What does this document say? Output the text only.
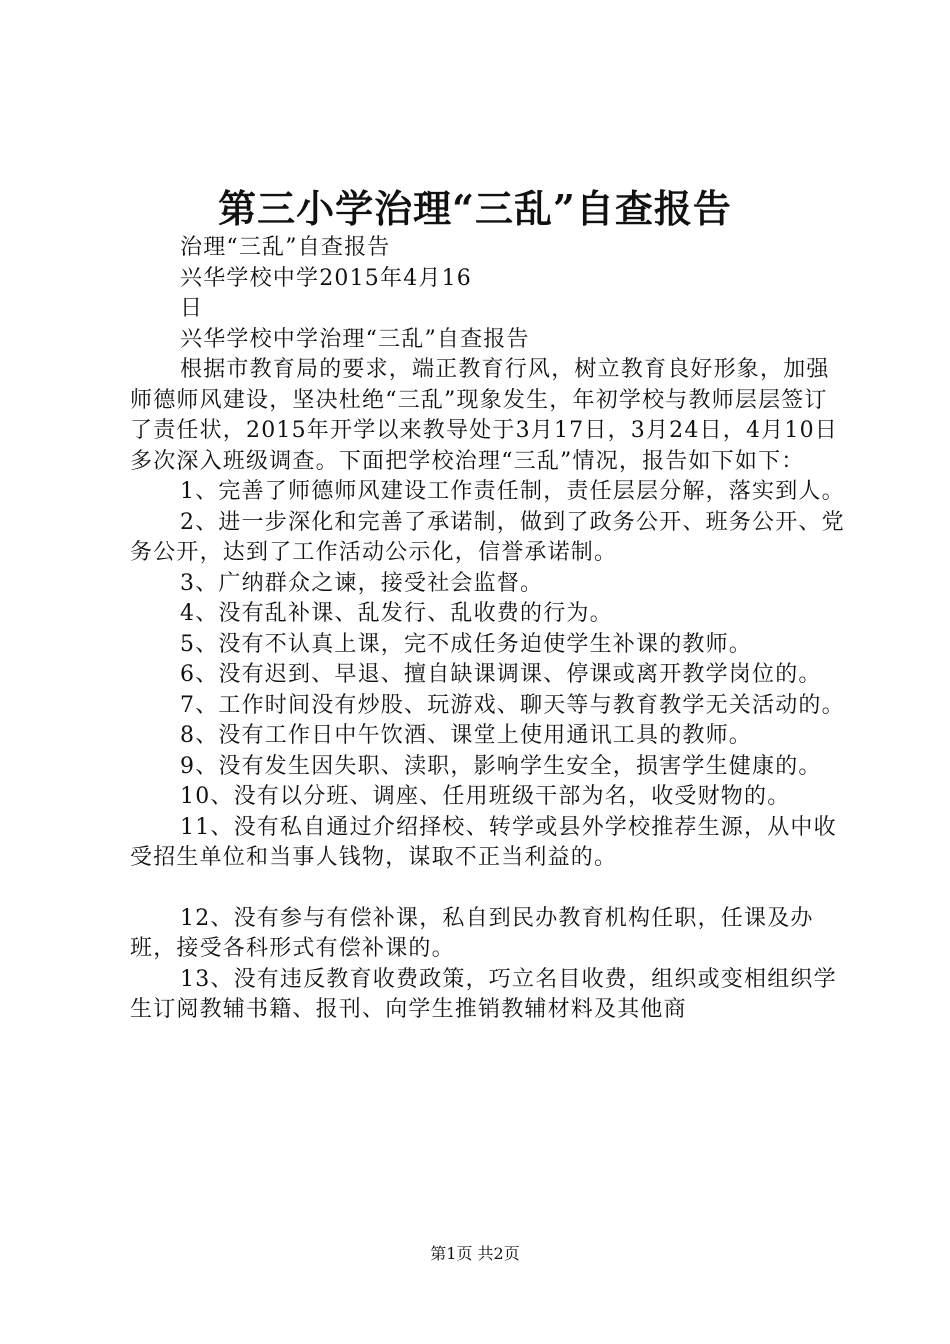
第三小学治理“三乱”自查报告

治理“三乱”自查报告

兴华学校中学2015年4月16

日

兴华学校中学治理“三乱”自查报告

根据市教育局的要求，端正教育行风，树立教育良好形象，加强师德师风建设，坚决杜绝“三乱”现象发生，年初学校与教师层层签订了责任状，2015年开学以来教导处于3月17日，3月24日，4月10日多次深入班级调查。下面把学校治理“三乱”情况，报告如下如下：

1、完善了师德师风建设工作责任制，责任层层分解，落实到人。

2、进一步深化和完善了承诺制，做到了政务公开、班务公开、党务公开，达到了工作活动公示化，信誉承诺制。

3、广纳群众之谏，接受社会监督。

4、没有乱补课、乱发行、乱收费的行为。

5、没有不认真上课，完不成任务迫使学生补课的教师。

6、没有迟到、早退、擅自缺课调课、停课或离开教学岗位的。

7、工作时间没有炒股、玩游戏、聊天等与教育教学无关活动的。

8、没有工作日中午饮酒、课堂上使用通讯工具的教师。

9、没有发生因失职、渎职，影响学生安全，损害学生健康的。

10、没有以分班、调座、任用班级干部为名，收受财物的。

11、没有私自通过介绍择校、转学或县外学校推荐生源，从中收受招生单位和当事人钱物，谋取不正当利益的。

12、没有参与有偿补课，私自到民办教育机构任职，任课及办班，接受各科形式有偿补课的。

13、没有违反教育收费政策，巧立名目收费，组织或变相组织学生订阅教辅书籍、报刊、向学生推销教辅材料及其他商

第1页 共2页
